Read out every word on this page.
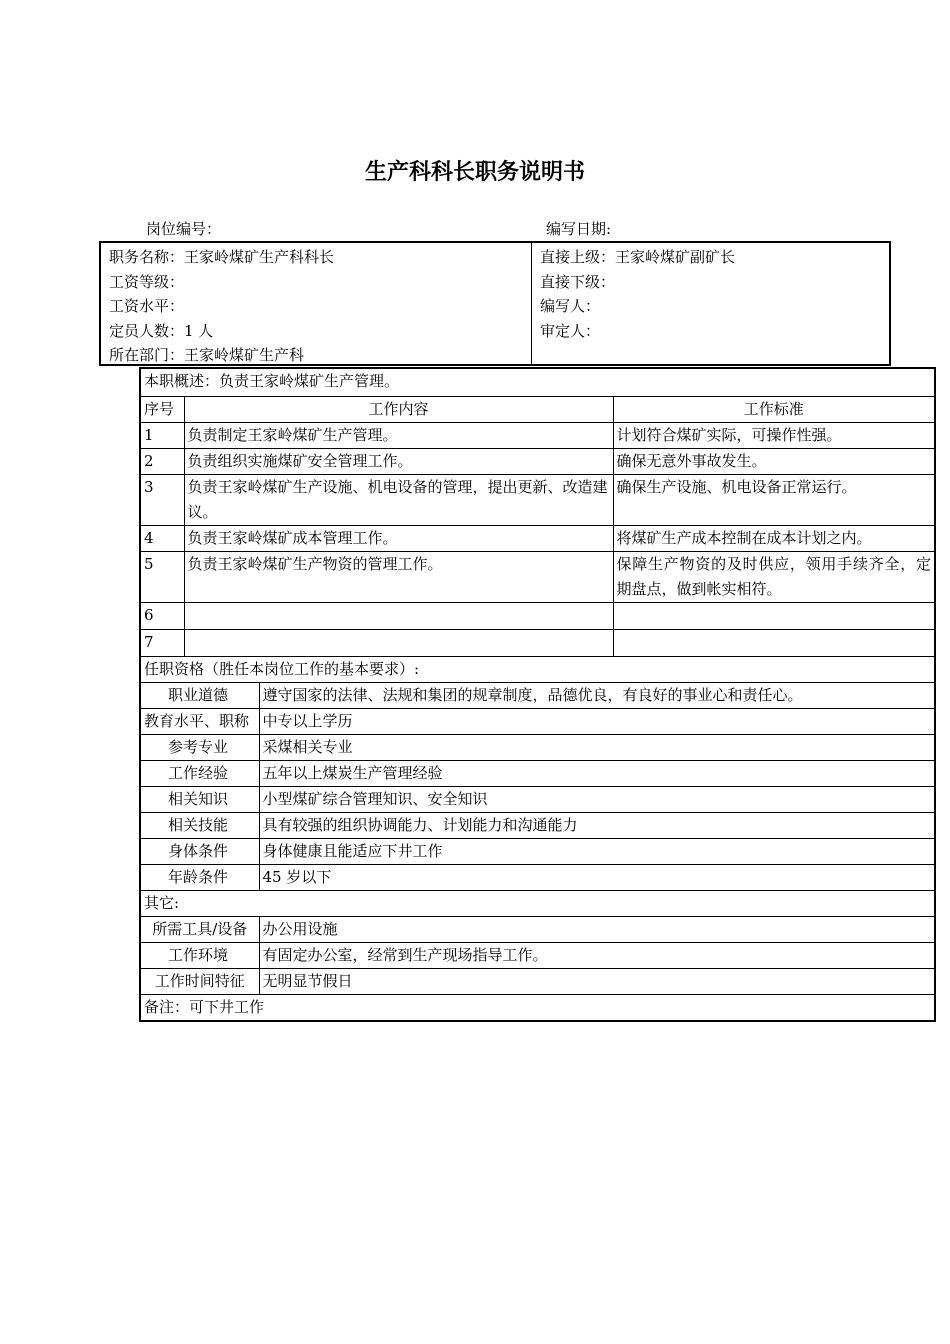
生产科科长职务说明书
岗位编号：	编写日期:
职务名称：王家岭煤矿生产科科长
工资等级：
工资水平：
定员人数：1 人
所在部门：王家岭煤矿生产科
直接上级：王家岭煤矿副矿长
直接下级：
编写人：
审定人：
本职概述：负责王家岭煤矿生产管理。			
序号	工作内容		工作标准
1	负责制定王家岭煤矿生产管理。		计划符合煤矿实际，可操作性强。
2	负责组织实施煤矿安全管理工作。		确保无意外事故发生。
3	负责王家岭煤矿生产设施、机电设备的管理，提出更新、改造建议。		确保生产设施、机电设备正常运行。
4	负责王家岭煤矿成本管理工作。		将煤矿生产成本控制在成本计划之内。
5	负责王家岭煤矿生产物资的管理工作。		保障生产物资的及时供应，领用手续齐全，定期盘点，做到帐实相符。
6			
7			
任职资格（胜任本岗位工作的基本要求）:			
职业道德		遵守国家的法律、法规和集团的规章制度，品德优良，有良好的事业心和责任心。	
教育水平、职称		中专以上学历	
参考专业		采煤相关专业	
工作经验		五年以上煤炭生产管理经验	
相关知识		小型煤矿综合管理知识、安全知识	
相关技能		具有较强的组织协调能力、计划能力和沟通能力	
身体条件		身体健康且能适应下井工作	
年龄条件		45 岁以下	
其它:			
所需工具/设备		办公用设施	
工作环境		有固定办公室，经常到生产现场指导工作。	
工作时间特征		无明显节假日	
备注：可下井工作			
